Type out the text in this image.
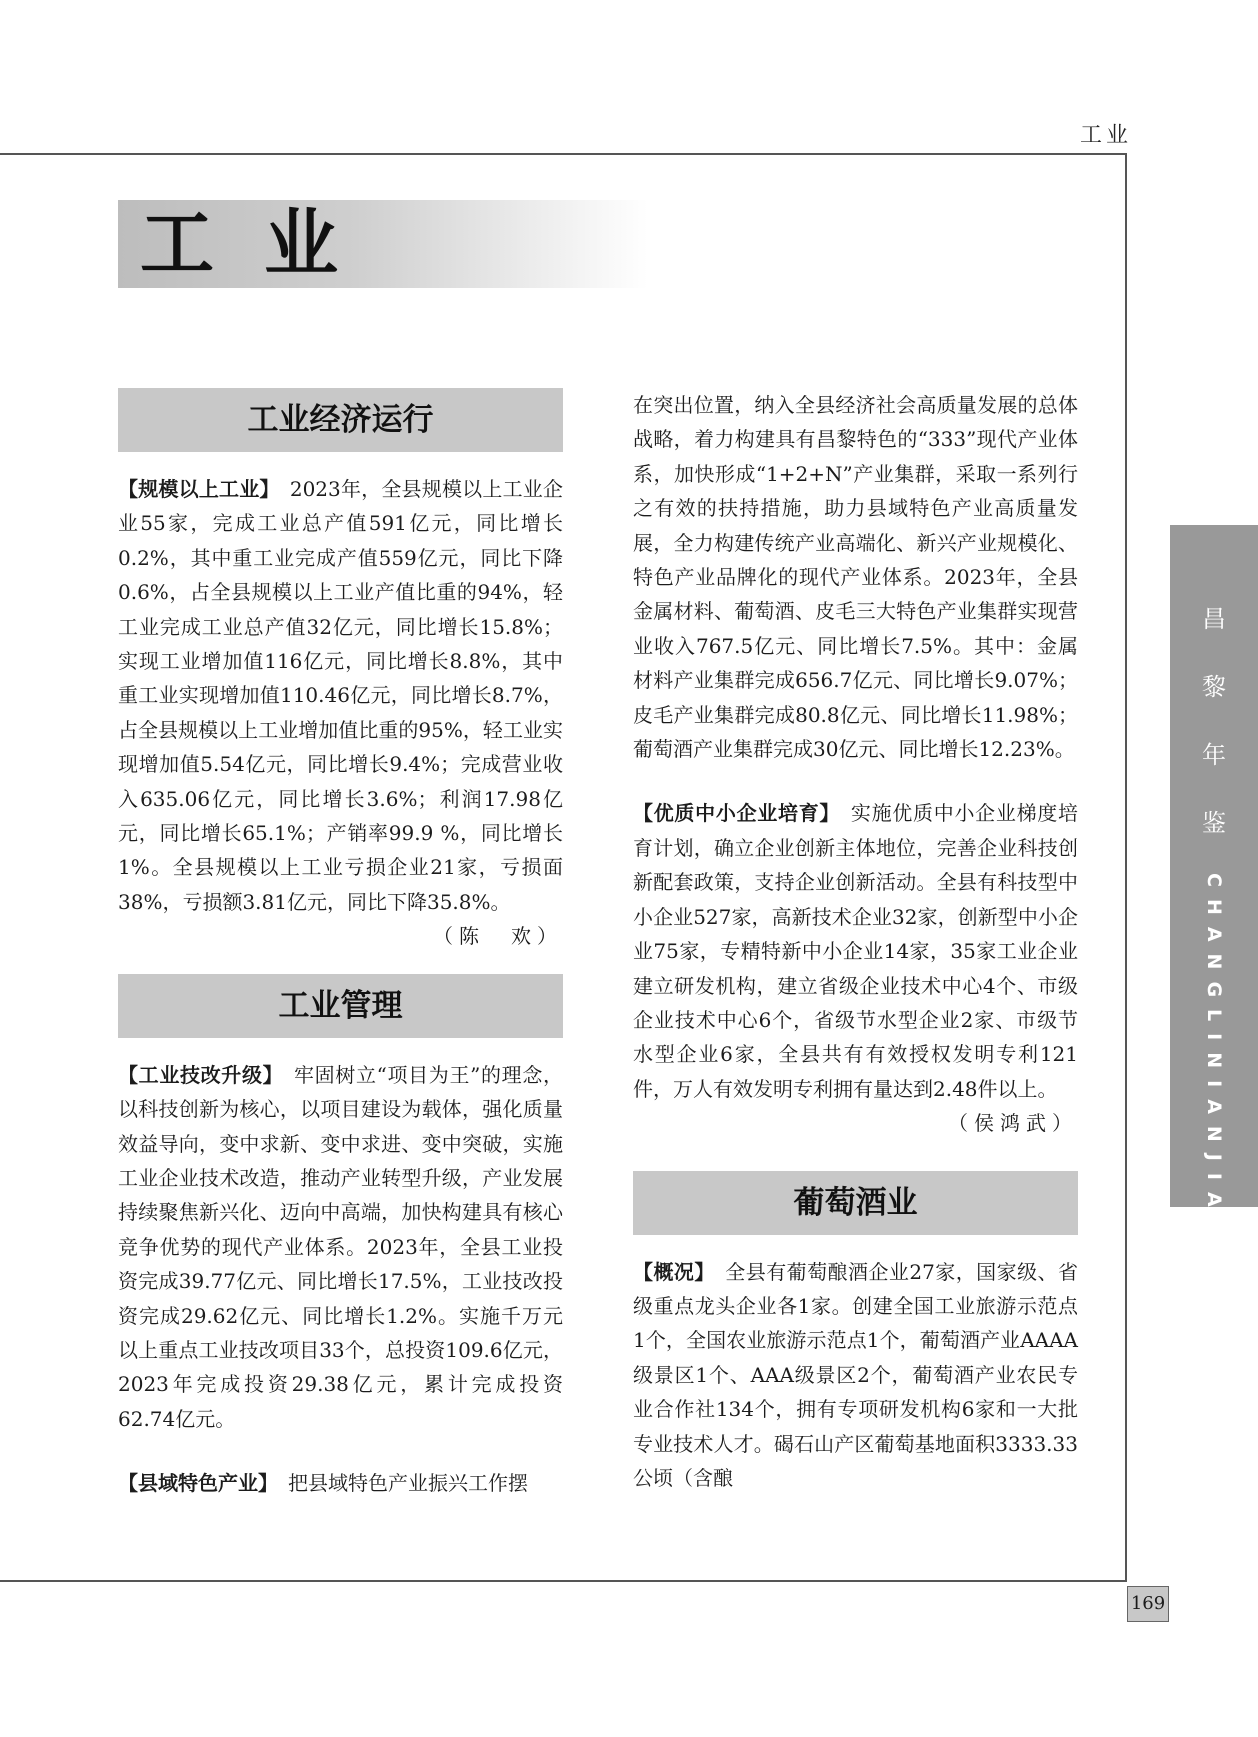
工业
工业
工业经济运行

【规模以上工业】　2023年，全县规模以上工业企业55家，完成工业总产值591亿元，同比增长0.2%，其中重工业完成产值559亿元，同比下降0.6%，占全县规模以上工业产值比重的94%，轻工业完成工业总产值32亿元，同比增长15.8%；实现工业增加值116亿元，同比增长8.8%，其中重工业实现增加值110.46亿元，同比增长8.7%，占全县规模以上工业增加值比重的95%，轻工业实现增加值5.54亿元，同比增长9.4%；完成营业收入635.06亿元，同比增长3.6%；利润17.98亿元，同比增长65.1%；产销率99.9 %，同比增长1%。全县规模以上工业亏损企业21家，亏损面38%，亏损额3.81亿元，同比下降35.8%。

（陈　欢）

工业管理

【工业技改升级】　牢固树立“项目为王”的理念，以科技创新为核心，以项目建设为载体，强化质量效益导向，变中求新、变中求进、变中突破，实施工业企业技术改造，推动产业转型升级，产业发展持续聚焦新兴化、迈向中高端，加快构建具有核心竞争优势的现代产业体系。2023年，全县工业投资完成39.77亿元、同比增长17.5%，工业技改投资完成29.62亿元、同比增长1.2%。实施千万元以上重点工业技改项目33个，总投资109.6亿元，2023年完成投资29.38亿元，累计完成投资62.74亿元。

【县域特色产业】　把县域特色产业振兴工作摆

在突出位置，纳入全县经济社会高质量发展的总体战略，着力构建具有昌黎特色的“333”现代产业体系，加快形成“1+2+N”产业集群，采取一系列行之有效的扶持措施，助力县域特色产业高质量发展，全力构建传统产业高端化、新兴产业规模化、特色产业品牌化的现代产业体系。2023年，全县金属材料、葡萄酒、皮毛三大特色产业集群实现营业收入767.5亿元、同比增长7.5%。其中：金属材料产业集群完成656.7亿元、同比增长9.07%；皮毛产业集群完成80.8亿元、同比增长11.98%；葡萄酒产业集群完成30亿元、同比增长12.23%。

【优质中小企业培育】　实施优质中小企业梯度培育计划，确立企业创新主体地位，完善企业科技创新配套政策，支持企业创新活动。全县有科技型中小企业527家，高新技术企业32家，创新型中小企业75家，专精特新中小企业14家，35家工业企业建立研发机构，建立省级企业技术中心4个、市级企业技术中心6个，省级节水型企业2家、市级节水型企业6家，全县共有有效授权发明专利121件，万人有效发明专利拥有量达到2.48件以上。

（侯鸿武）

葡萄酒业

【概况】　全县有葡萄酿酒企业27家，国家级、省级重点龙头企业各1家。创建全国工业旅游示范点1个，全国农业旅游示范点1个，葡萄酒产业AAAA级景区1个、AAA级景区2个，葡萄酒产业农民专业合作社134个，拥有专项研发机构6家和一大批专业技术人才。碣石山产区葡萄基地面积3333.33公顷（含酿

昌
黎
年
鉴
CHANGLINIANJIAN
169
